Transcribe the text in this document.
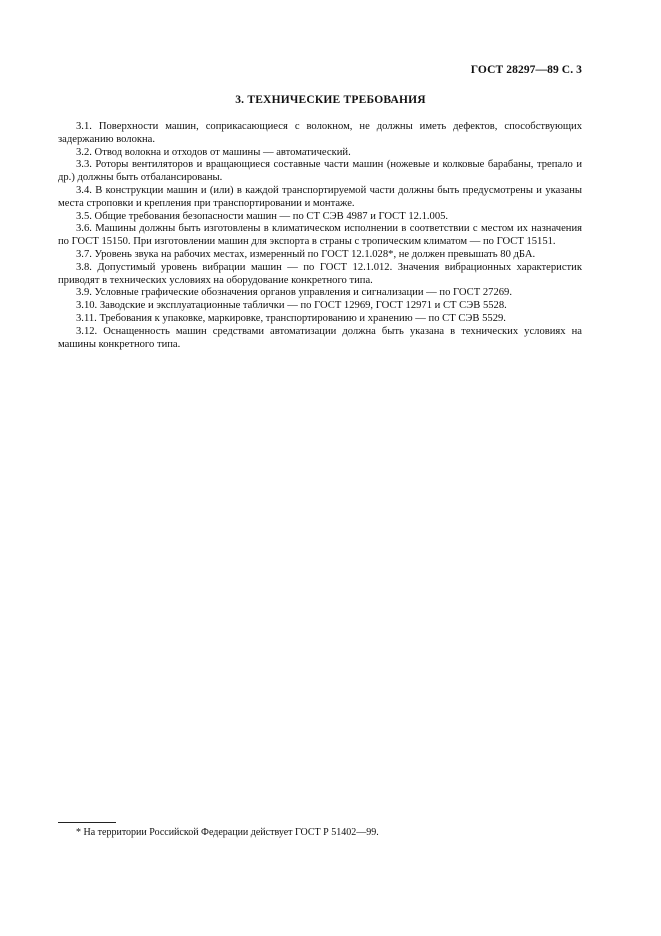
ГОСТ 28297—89 С. 3
3. ТЕХНИЧЕСКИЕ ТРЕБОВАНИЯ

3.1. Поверхности машин, соприкасающиеся с волокном, не должны иметь дефектов, способствующих задержанию волокна.

3.2. Отвод волокна и отходов от машины — автоматический.

3.3. Роторы вентиляторов и вращающиеся составные части машин (ножевые и колковые барабаны, трепало и др.) должны быть отбалансированы.

3.4. В конструкции машин и (или) в каждой транспортируемой части должны быть предусмотрены и указаны места строповки и крепления при транспортировании и монтаже.

3.5. Общие требования безопасности машин — по СТ СЭВ 4987 и ГОСТ 12.1.005.

3.6. Машины должны быть изготовлены в климатическом исполнении в соответствии с местом их назначения по ГОСТ 15150. При изготовлении машин для экспорта в страны с тропическим климатом — по ГОСТ 15151.

3.7. Уровень звука на рабочих местах, измеренный по ГОСТ 12.1.028*, не должен превышать 80 дБА.

3.8. Допустимый уровень вибрации машин — по ГОСТ 12.1.012. Значения вибрационных характеристик приводят в технических условиях на оборудование конкретного типа.

3.9. Условные графические обозначения органов управления и сигнализации — по ГОСТ 27269.

3.10. Заводские и эксплуатационные таблички — по ГОСТ 12969, ГОСТ 12971 и СТ СЭВ 5528.

3.11. Требования к упаковке, маркировке, транспортированию и хранению — по СТ СЭВ 5529.

3.12. Оснащенность машин средствами автоматизации должна быть указана в технических условиях на машины конкретного типа.

* На территории Российской Федерации действует ГОСТ Р 51402—99.
